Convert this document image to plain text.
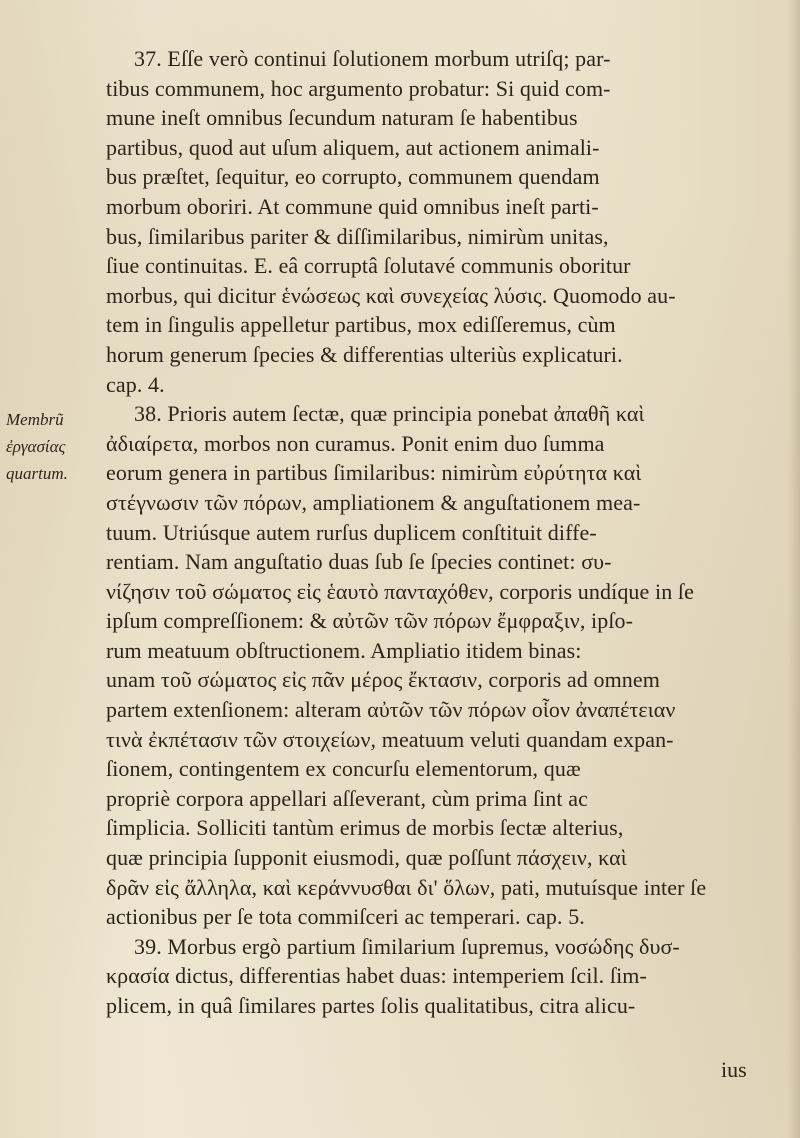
Membrũ
ἐργασίας
quartum.
37. Eſſe verò continui ſolutionem morbum utriſq; par-
tibus communem, hoc argumento probatur: Si quid com-
mune ineſt omnibus ſecundum naturam ſe habentibus
partibus, quod aut uſum aliquem, aut actionem animali-
bus præſtet, ſequitur, eo corrupto, communem quendam
morbum oboriri. At commune quid omnibus ineſt parti-
bus, ſimilaribus pariter & diſſimilaribus, nimirùm unitas,
ſiue continuitas. E. eâ corruptâ ſolutavé communis oboritur
morbus, qui dicitur ἑνώσεως καὶ συνεχείας λύσις. Quomodo au-
tem in ſingulis appelletur partibus, mox ediſſeremus, cùm
horum generum ſpecies & differentias ulteriùs explicaturi.
cap. 4.
38. Prioris autem ſectæ, quæ principia ponebat ἀπαθῆ καὶ
ἀδιαίρετα, morbos non curamus. Ponit enim duo ſumma
eorum genera in partibus ſimilaribus: nimirùm εὐρύτητα καὶ
στέγνωσιν τῶν πόρων, ampliationem & anguſtationem mea-
tuum. Utriúsque autem rurſus duplicem conſtituit diffe-
rentiam. Nam anguſtatio duas ſub ſe ſpecies continet: συ-
νίζησιν τοῦ σώματος εἰς ἑαυτὸ πανταχόθεν, corporis undíque in ſe
ipſum compreſſionem: & αὐτῶν τῶν πόρων ἔμφραξιν, ipſo-
rum meatuum obſtructionem. Ampliatio itidem binas:
unam τοῦ σώματος εἰς πᾶν μέρος ἔκτασιν, corporis ad omnem
partem extenſionem: alteram αὐτῶν τῶν πόρων οἷον ἀναπέτειαν
τινὰ ἐκπέτασιν τῶν στοιχείων, meatuum veluti quandam expan-
ſionem, contingentem ex concurſu elementorum, quæ
propriè corpora appellari aſſeverant, cùm prima ſint ac
ſimplicia. Solliciti tantùm erimus de morbis ſectæ alterius,
quæ principia ſupponit eiusmodi, quæ poſſunt πάσχειν, καὶ
δρᾶν εἰς ἄλληλα, καὶ κεράννυσθαι δι' ὅλων, pati, mutuísque inter ſe
actionibus per ſe tota commiſceri ac temperari. cap. 5.
39. Morbus ergò partium ſimilarium ſupremus, νοσώδης δυσ-
κρασία dictus, differentias habet duas: intemperiem ſcil. ſim-
plicem, in quâ ſimilares partes ſolis qualitatibus, citra alicu-
ius
